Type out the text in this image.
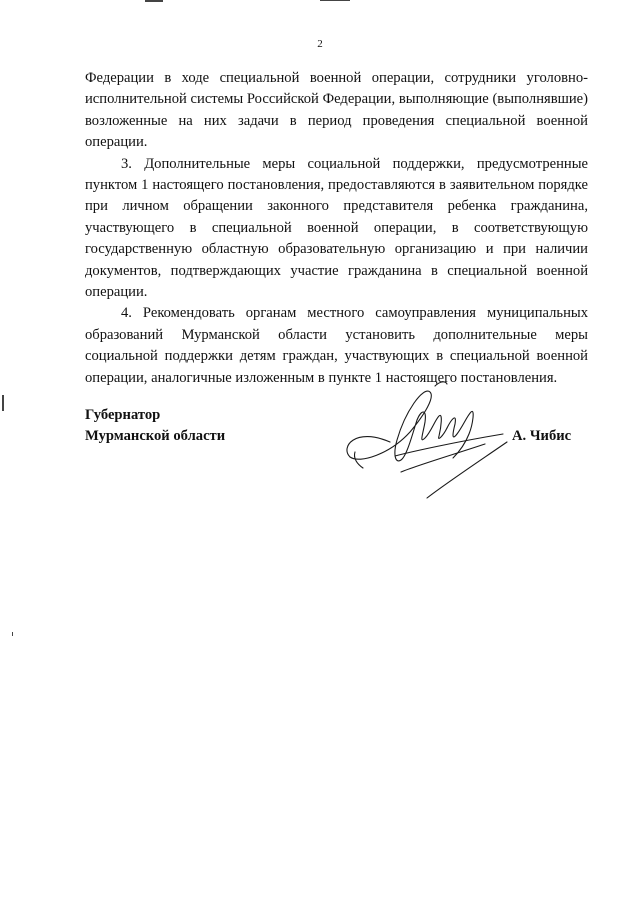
2

Федерации в ходе специальной военной операции, сотрудники уголовно-исполнительной системы Российской Федерации, выполняющие (выполнявшие) возложенные на них задачи в период проведения специальной военной операции.

3. Дополнительные меры социальной поддержки, предусмотренные пунктом 1 настоящего постановления, предоставляются в заявительном порядке при личном обращении законного представителя ребенка гражданина, участвующего в специальной военной операции, в соответствующую государственную областную образовательную организацию и при наличии документов, подтверждающих участие гражданина в специальной военной операции.

4. Рекомендовать органам местного самоуправления муниципальных образований Мурманской области установить дополнительные меры социальной поддержки детям граждан, участвующих в специальной военной операции, аналогичные изложенным в пункте 1 настоящего постановления.

Губернатор
Мурманской области	А. Чибис
